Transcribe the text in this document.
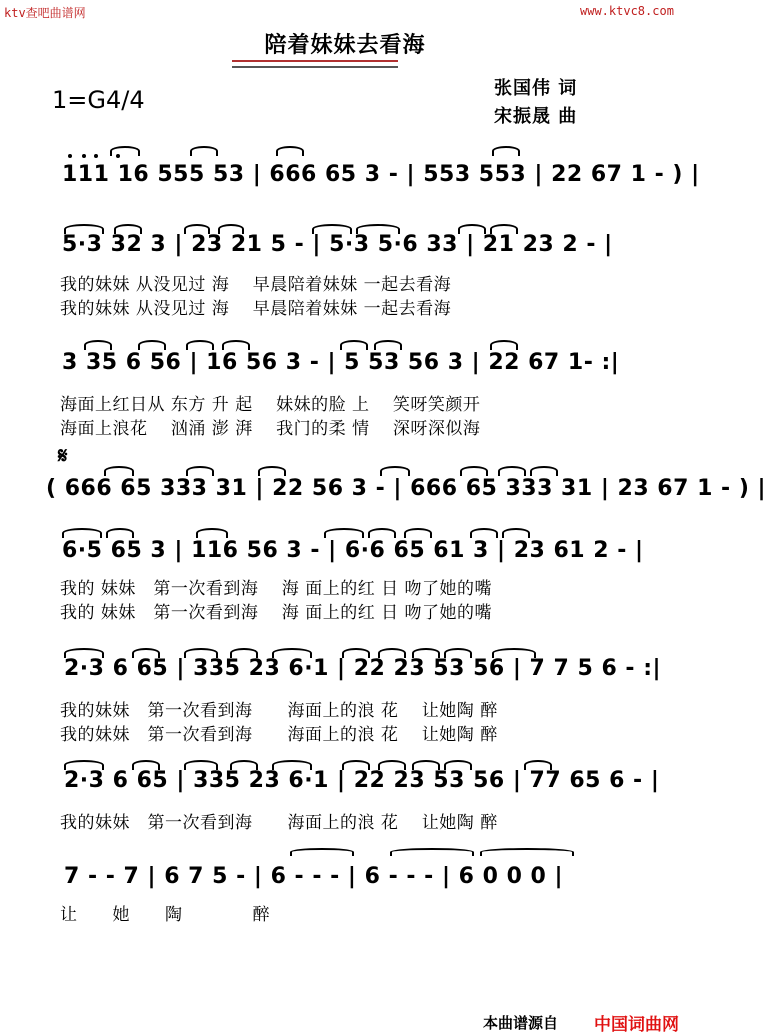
ktv查吧曲谱网	www.ktvc8.com
陪着妹妹去看海
1=G4/4	张国伟 词
宋振晟 曲
111 16 555 53 | 666 65 3 - | 553 553 | 22 67 1 - ) |
5·3 32 3 | 23 21 5 - | 5·3 5·6 33 | 21 23 2 - |
我的妹妹 从没见过 海　 早晨陪着妹妹 一起去看海
我的妹妹 从没见过 海　 早晨陪着妹妹 一起去看海
3 35 6 56 | 16 56 3 - | 5 53 56 3 | 22 67 1- :|
海面上红日从 东方 升 起　 妹妹的脸 上　 笑呀笑颜开
海面上浪花　 汹涌 澎 湃　 我门的柔 情　 深呀深似海
𝄋
( 666 65 333 31 | 22 56 3 - | 666 65 333 31 | 23 67 1 - ) |
6·5 65 3 | 116 56 3 - | 6·6 65 61 3 | 23 61 2 - |
我的 妹妹　第一次看到海　 海 面上的红 日 吻了她的嘴
我的 妹妹　第一次看到海　 海 面上的红 日 吻了她的嘴
2·3 6 65 | 335 23 6·1 | 22 23 53 56 | 7 7 5 6 - :|
我的妹妹　第一次看到海　　海面上的浪 花　 让她陶 醉
我的妹妹　第一次看到海　　海面上的浪 花　 让她陶 醉
2·3 6 65 | 335 23 6·1 | 22 23 53 56 | 77 65 6 - |
我的妹妹　第一次看到海　　海面上的浪 花　 让她陶 醉
7 - - 7 | 6 7 5 - | 6 - - - | 6 - - - | 6 0 0 0 |
让　　她　　陶　　　　醉
本曲谱源自 中国词曲网
